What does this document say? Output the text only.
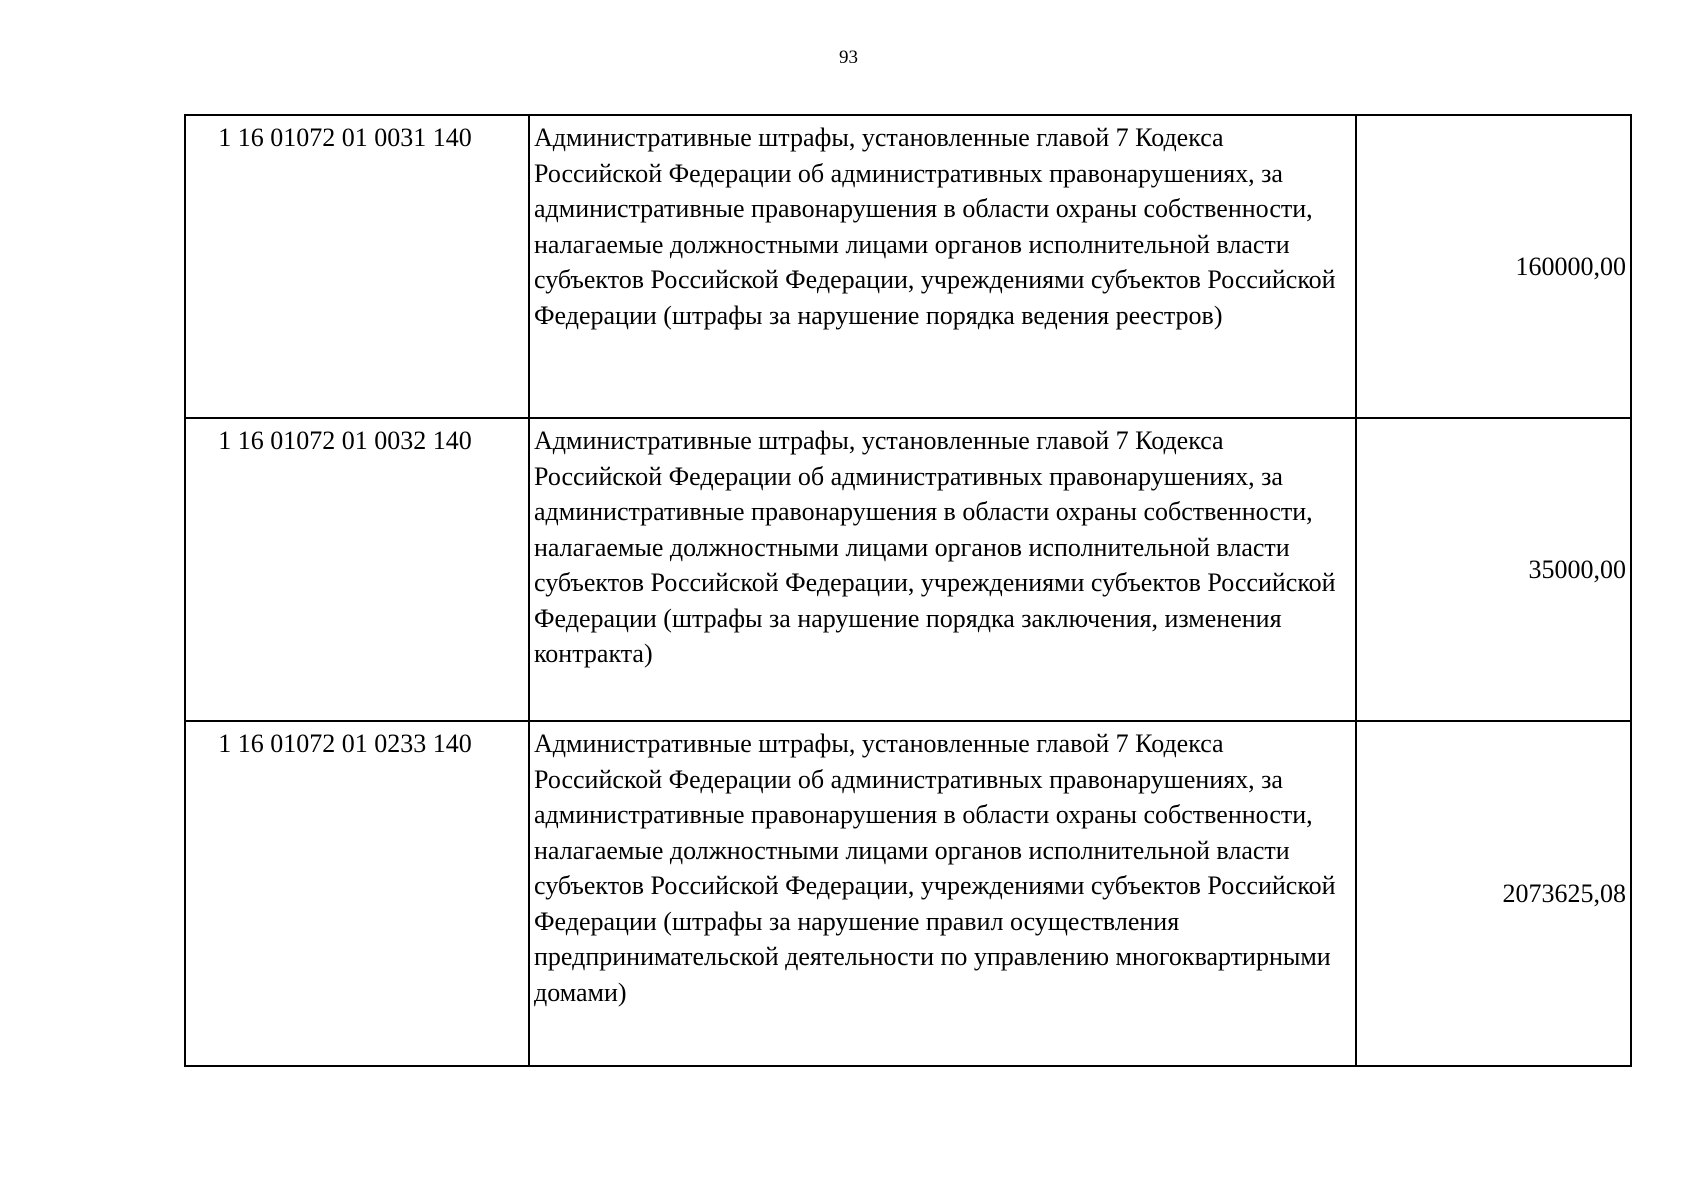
93
1 16 01072 01 0031 140	Административные штрафы, установленные главой 7 Кодекса Российской Федерации об административных правонарушениях, за административные правонарушения в области охраны собственности, налагаемые должностными лицами органов исполнительной власти субъектов Российской Федерации, учреждениями субъектов Российской Федерации (штрафы за нарушение порядка ведения реестров)	160000,00
1 16 01072 01 0032 140	Административные штрафы, установленные главой 7 Кодекса Российской Федерации об административных правонарушениях, за административные правонарушения в области охраны собственности, налагаемые должностными лицами органов исполнительной власти субъектов Российской Федерации, учреждениями субъектов Российской Федерации (штрафы за нарушение порядка заключения, изменения контракта)	35000,00
1 16 01072 01 0233 140	Административные штрафы, установленные главой 7 Кодекса Российской Федерации об административных правонарушениях, за административные правонарушения в области охраны собственности, налагаемые должностными лицами органов исполнительной власти субъектов Российской Федерации, учреждениями субъектов Российской Федерации (штрафы за нарушение правил осуществления предпринимательской деятельности по управлению многоквартирными домами)	2073625,08
